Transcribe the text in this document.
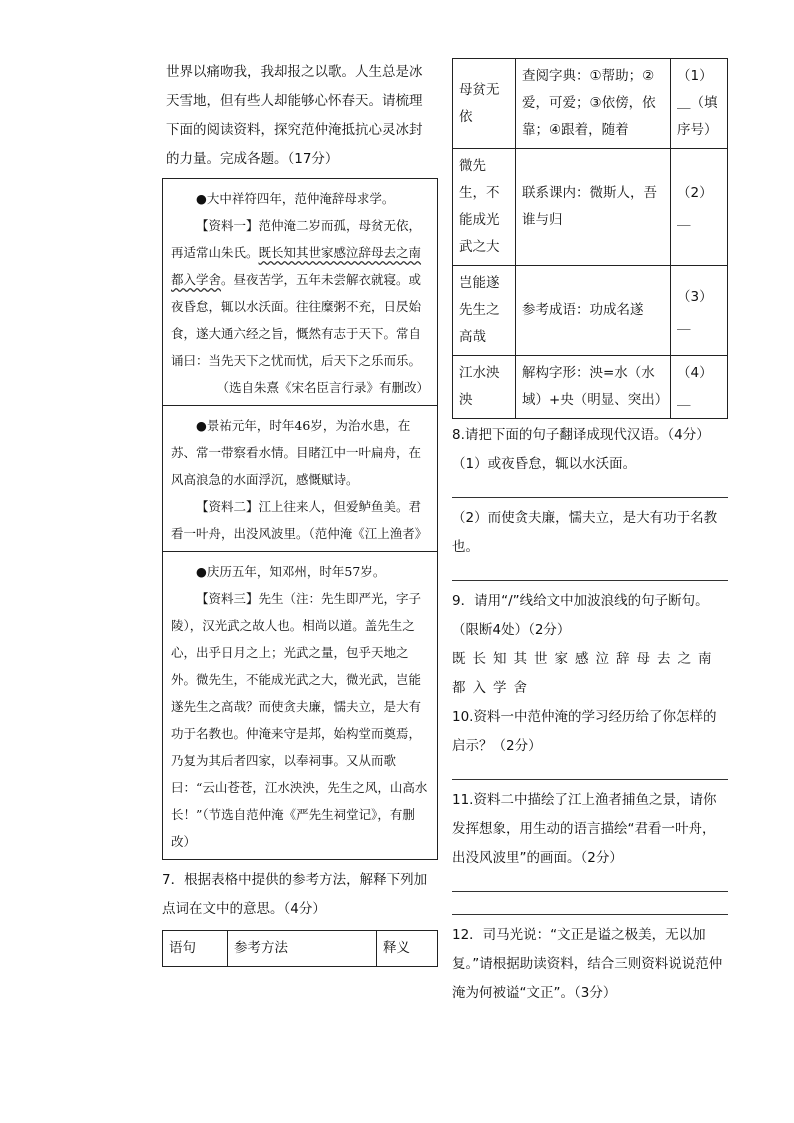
世界以痛吻我，我却报之以歌。人生总是冰天雪地，但有些人却能够心怀春天。请梳理下面的阅读资料，探究范仲淹抵抗心灵冰封的力量。完成各题。（17分）

●大中祥符四年，范仲淹辞母求学。
【资料一】范仲淹二岁而孤，母贫无依，再适常山朱氏。既长知其世家感泣辞母去之南都入学舍。昼夜苦学，五年未尝解衣就寝。或夜昏怠，辄以水沃面。往往糜粥不充，日昃始食，遂大通六经之旨，慨然有志于天下。常自诵曰：当先天下之忧而忧，后天下之乐而乐。
（选自朱熹《宋名臣言行录》有删改）
●景祐元年，时年46岁，为治水患，在苏、常一带察看水情。目睹江中一叶扁舟，在风高浪急的水面浮沉，感慨赋诗。
【资料二】江上往来人，但爱鲈鱼美。君看一叶舟，出没风波里。（范仲淹《江上渔者》
●庆历五年，知邓州，时年57岁。
【资料三】先生（注：先生即严光，字子陵），汉光武之故人也。相尚以道。盖先生之心，出乎日月之上；光武之量，包乎天地之外。微先生，不能成光武之大，微光武，岂能遂先生之高哉？而使贪夫廉，懦夫立，是大有功于名教也。仲淹来守是邦，始构堂而奠焉，乃复为其后者四家，以奉祠事。又从而歌曰：“云山苍苍，江水泱泱，先生之风，山高水长！”（节选自范仲淹《严先生祠堂记》，有删改）

7．根据表格中提供的参考方法，解释下列加点词在文中的意思。（4分）

语句	参考方法	释义
母贫无依	查阅字典：①帮助；②爱，可爱；③依傍，依靠；④跟着，随着	（1）＿（填序号）
微先生，不能成光武之大	联系课内：微斯人，吾谁与归	（2）＿
岂能遂先生之高哉	参考成语：功成名遂	（3）＿
江水泱泱	解构字形：泱=水（水域）+央（明显、突出）	（4）＿

8.请把下面的句子翻译成现代汉语。（4分）

（1）或夜昏怠，辄以水沃面。

（2）而使贪夫廉，懦夫立，是大有功于名教也。

9．请用“/”线给文中加波浪线的句子断句。（限断4处）（2分）

既长知其世家感泣辞母去之南

都入学舍

10.资料一中范仲淹的学习经历给了你怎样的启示？（2分）

11.资料二中描绘了江上渔者捕鱼之景，请你发挥想象，用生动的语言描绘“君看一叶舟，出没风波里”的画面。（2分）

12．司马光说：“文正是谥之极美，无以加复。”请根据助读资料，结合三则资料说说范仲淹为何被谥“文正”。（3分）
